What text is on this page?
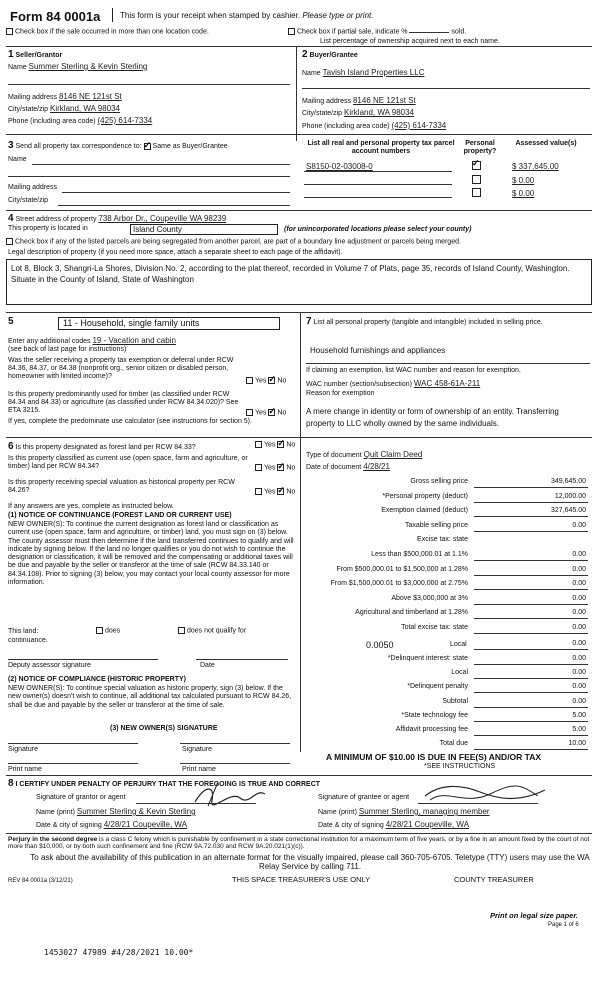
Form 84 0001a This form is your receipt when stamped by cashier. Please type or print.
Check box if the sale occurred in more than one location code.	Check box if partial sale, indicate %	sold.
List percentage of ownership acquired next to each name.
1 Seller/Grantor
Name Summer Sterling & Kevin Sterling
Mailing address 8146 NE 121st St
City/state/zip Kirkland, WA 98034
Phone (including area code) (425) 614-7334
2 Buyer/Grantee
Name Tavish Island Properties LLC
Mailing address 8146 NE 121st St
City/state/zip Kirkland, WA 98034
Phone (including area code) (425) 614-7334
3 Send all property tax correspondence to: ✓ Same as Buyer/Grantee
Name
Mailing address
City/state/zip
List all real and personal property tax parcel account numbers
Personal property?
Assessed value(s)
S8150-02-03008-0 ✓	$ 337,645.00
$ 0.00
$ 0.00
4 Street address of property 738 Arbor Dr., Coupeville WA 98239
This property is located in	Island County	(for unincorporated locations please select your county)
Check box if any of the listed parcels are being segregated from another parcel, are part of a boundary line adjustment or parcels being merged.
Legal description of property (if you need more space, attach a separate sheet to each page of the affidavit).
Lot 8, Block 3, Shangri-La Shores, Division No. 2, according to the plat thereof, recorded in Volume 7 of Plats, page 35, records of Island County, Washington.
Situate in the County of Island, State of Washington
5	11 - Household, single family units
Enter any additional codes 19 - Vacation and cabin
(see back of last page for instructions)
Was the seller receiving a property tax exemption or deferral under RCW 84.36, 84.37, or 84.38 (nonprofit org., senior citizen or disabled person, homeowner with limited income)?
Yes ✓ No
Is this property predominantly used for timber (as classified under RCW 84.34 and 84.33) or agriculture (as classified under RCW 84.34.020)? See ETA 3215.	Yes ✓ No
If yes, complete the predominate use calculator (see instructions for section 5).
6 Is this property designated as forest land per RCW 84.33?	Yes ✓ No
Is this property classified as current use (open space, farm and agriculture, or timber) land per RCW 84.34?	Yes ✓ No
Is this property receiving special valuation as historical property per RCW 84.26?	Yes ✓ No
If any answers are yes, complete as instructed below.
(1) NOTICE OF CONTINUANCE (FOREST LAND OR CURRENT USE)
NEW OWNER(S): To continue the current designation as forest land or classification as current use (open space, farm and agriculture, or timber) land, you must sign on (3) below. The county assessor must then determine if the land transferred continues to qualify and will indicate by signing below. If the land no longer qualifies or you do not wish to continue the designation or classification, it will be removed and the compensating or additional taxes will be due and payable by the seller or transferor at the time of sale (RCW 84.33.140 or 84.34.108). Prior to signing (3) below, you may contact your local county assessor for more information.
This land:	does	does not qualify for
continuance.
Deputy assessor signature	Date
(2) NOTICE OF COMPLIANCE (HISTORIC PROPERTY)
NEW OWNER(S): To continue special valuation as historic property, sign (3) below. If the new owner(s) doesn't wish to continue, all additional tax calculated pursuant to RCW 84.26, shall be due and payable by the seller or transferor at the time of sale.
(3) NEW OWNER(S) SIGNATURE
Signature	Signature
Print name	Print name
7 List all personal property (tangible and intangible) included in selling price.
Household furnishings and appliances
If claiming an exemption, list WAC number and reason for exemption.
WAC number (section/subsection) WAC 458-61A-211
Reason for exemption
A mere change in identity or form of ownership of an entity. Transferring property to LLC wholly owned by the same individuals.
Type of document Quit Claim Deed
Date of document 4/28/21
Gross selling price	349,645.00
*Personal property (deduct)	12,000.00
Exemption claimed (deduct)	327,645.00
Taxable selling price	0.00
Excise tax: state
Less than $500,000.01 at 1.1%	0.00
From $500,000.01 to $1,500,000 at 1.28%	0.00
From $1,500,000.01 to $3,000,000 at 2.75%	0.00
Above $3,000,000 at 3%	0.00
Agricultural and timberland at 1.28%	0.00
Total excise tax: state	0.00
0.0050	Local	0.00
*Delinquent interest: state	0.00
Local	0.00
*Delinquent penalty	0.00
Subtotal	0.00
*State technology fee	5.00
Affidavit processing fee	5.00
Total due	10.00
A MINIMUM OF $10.00 IS DUE IN FEE(S) AND/OR TAX
*SEE INSTRUCTIONS
8 I CERTIFY UNDER PENALTY OF PERJURY THAT THE FOREGOING IS TRUE AND CORRECT
Signature of grantor or agent	Signature of grantee or agent
Name (print) Summer Sterling & Kevin Sterling	Name (print) Summer Sterling, managing member
Date & city of signing 4/28/21 Coupeville, WA	Date & city of signing 4/28/21 Coupeville, WA
Perjury in the second degree is a class C felony which is punishable by confinement in a state correctional institution for a maximum term of five years, or by a fine in an amount fixed by the court of not more than $10,000, or by both such confinement and fine (RCW 9A.72.030 and RCW 9A.20.021(1)(c)).
To ask about the availability of this publication in an alternate format for the visually impaired, please call 360-705-6705. Teletype (TTY) users may use the WA Relay Service by calling 711.
REV 84 0001a (3/12/21)	THIS SPACE TREASURER'S USE ONLY	COUNTY TREASURER
Print on legal size paper.
Page 1 of 6
1453027 47989 #4/28/2021 10.00*
